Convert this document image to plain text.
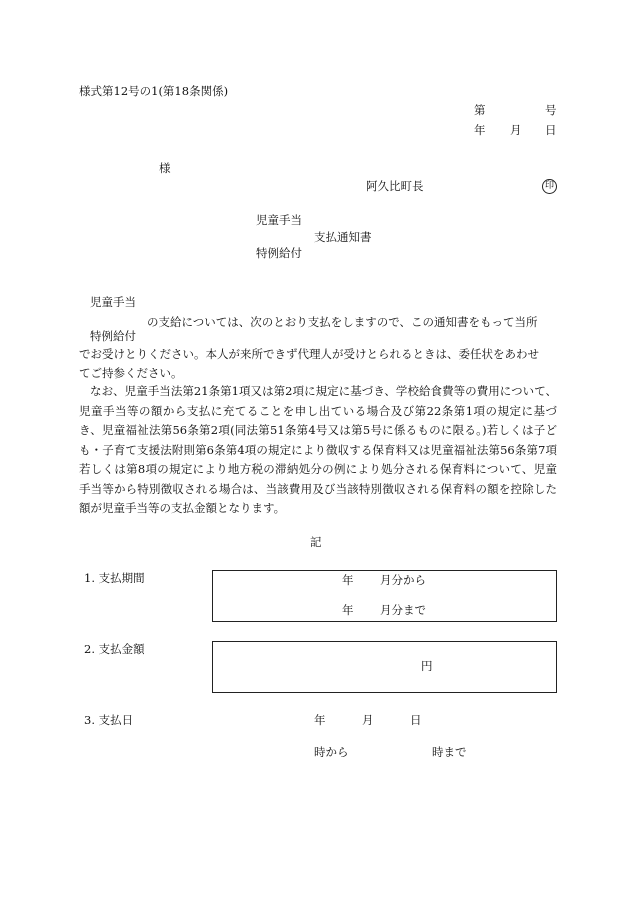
様式第12号の1(第18条関係)
第	号
年 月 日
様
阿久比町長	印
児童手当
支払通知書
特例給付
児童手当
の支給については、次のとおり支払をしますので、この通知書をもって当所
特例給付
でお受けとりください。本人が来所できず代理人が受けとられるときは、委任状をあわせ
てご持参ください。
なお、児童手当法第21条第1項又は第2項に規定に基づき、学校給食費等の費用について、児童手当等の額から支払に充てることを申し出ている場合及び第22条第1項の規定に基づき、児童福祉法第56条第2項(同法第51条第4号又は第5号に係るものに限る。)若しくは子ども・子育て支援法附則第6条第4項の規定により徴収する保育料又は児童福祉法第56条第7項若しくは第8項の規定により地方税の滞納処分の例により処分される保育料について、児童手当等から特別徴収される場合は、当該費用及び当該特別徴収される保育料の額を控除した額が児童手当等の支払金額となります。
記
1. 支払期間	年 月分から
年 月分まで
2. 支払金額
円
3. 支払日	年	月	日
時から	時まで
